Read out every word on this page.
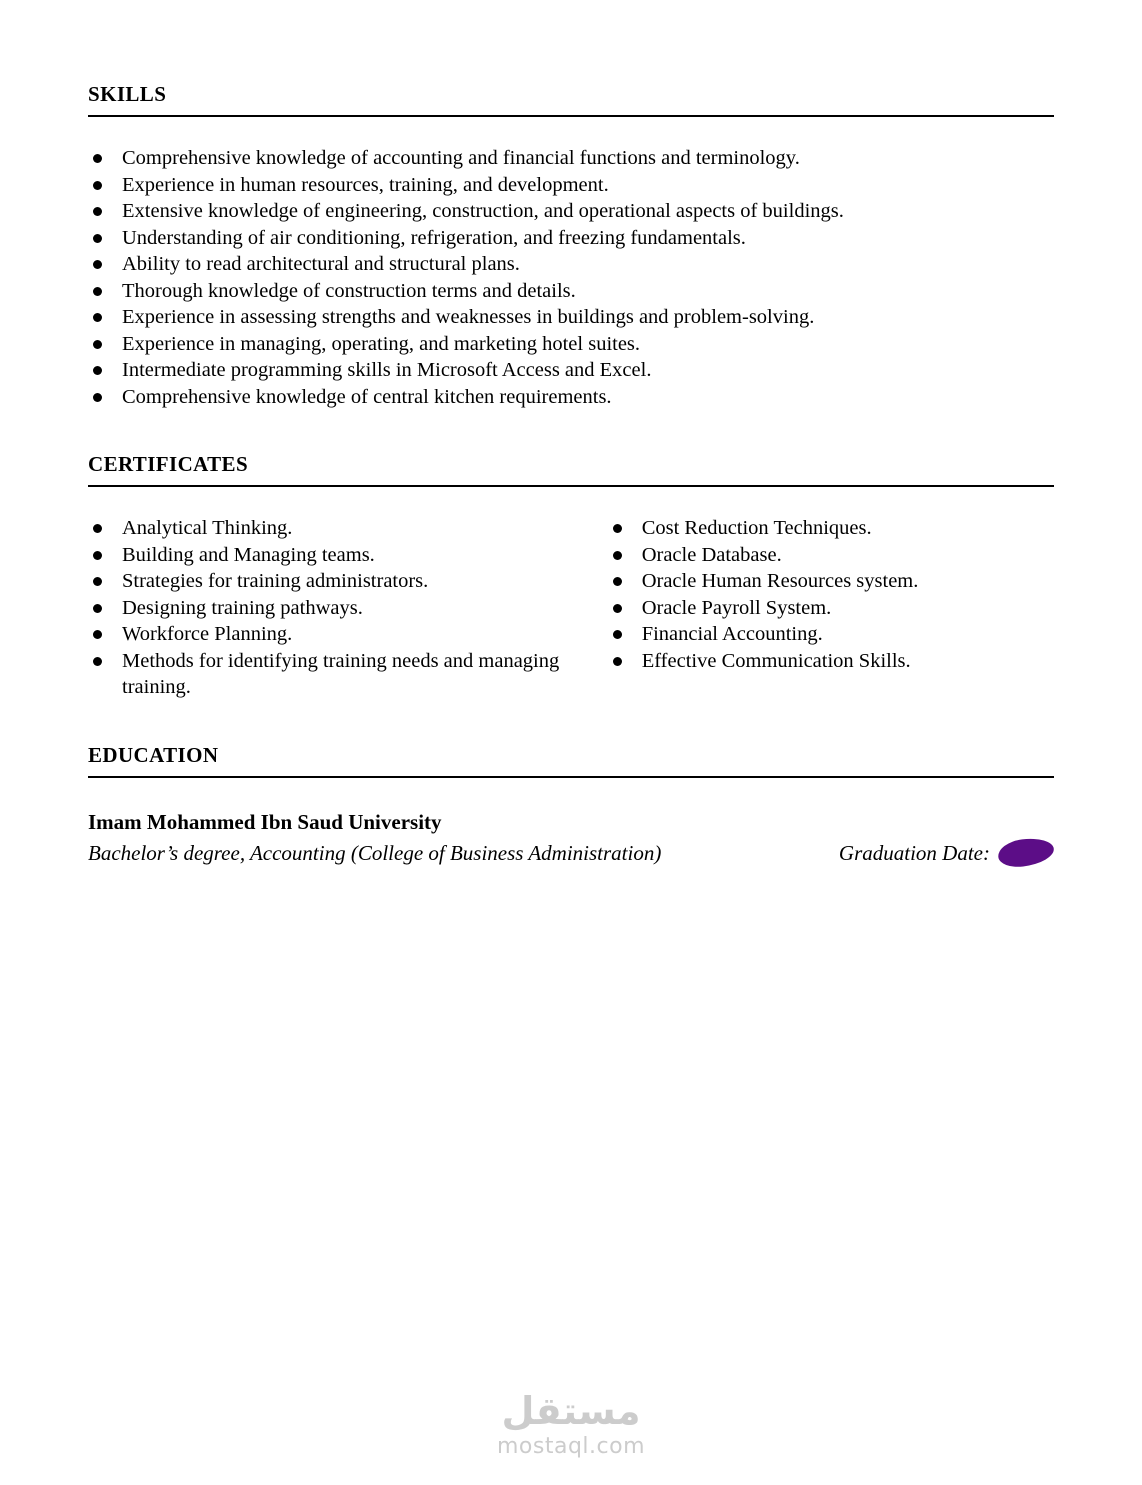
SKILLS
Comprehensive knowledge of accounting and financial functions and terminology.
Experience in human resources, training, and development.
Extensive knowledge of engineering, construction, and operational aspects of buildings.
Understanding of air conditioning, refrigeration, and freezing fundamentals.
Ability to read architectural and structural plans.
Thorough knowledge of construction terms and details.
Experience in assessing strengths and weaknesses in buildings and problem-solving.
Experience in managing, operating, and marketing hotel suites.
Intermediate programming skills in Microsoft Access and Excel.
Comprehensive knowledge of central kitchen requirements.
CERTIFICATES
Analytical Thinking.
Building and Managing teams.
Strategies for training administrators.
Designing training pathways.
Workforce Planning.
Methods for identifying training needs and managing training.
Cost Reduction Techniques.
Oracle Database.
Oracle Human Resources system.
Oracle Payroll System.
Financial Accounting.
Effective Communication Skills.
EDUCATION
Imam Mohammed Ibn Saud University
Bachelor’s degree, Accounting (College of Business Administration)	Graduation Date:
مستقل
mostaql.com
